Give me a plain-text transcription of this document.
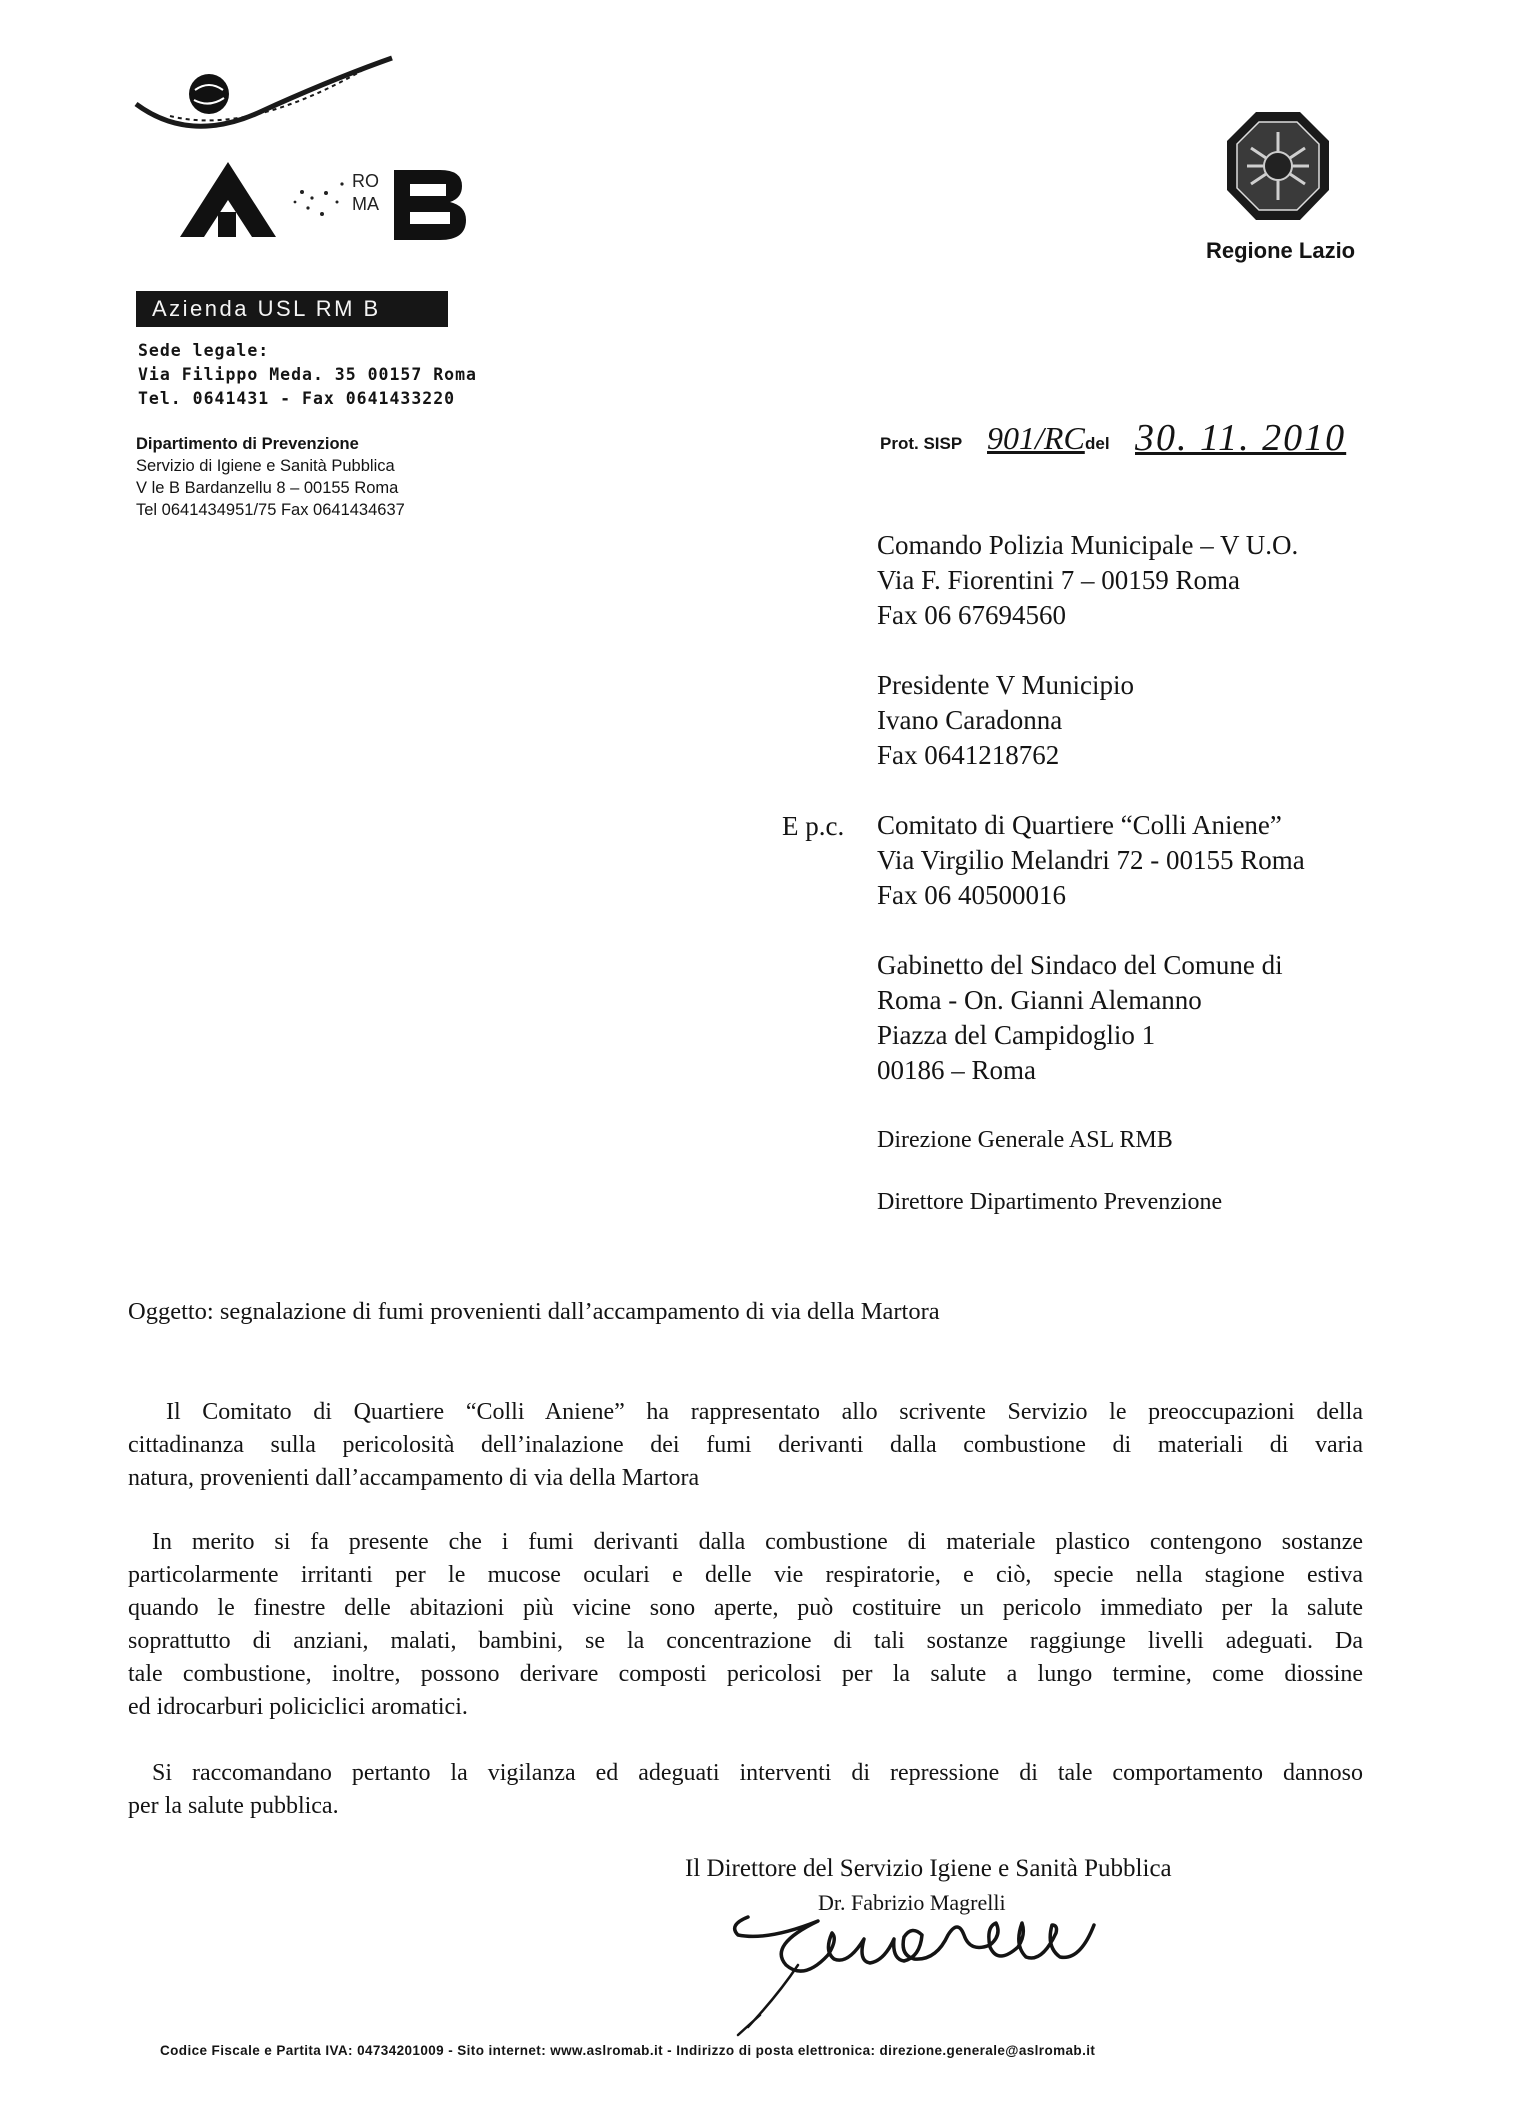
RO
MA
Azienda USL RM B
Sede legale:
Via Filippo Meda. 35 00157 Roma
Tel. 0641431 - Fax 0641433220
Dipartimento di Prevenzione
Servizio di Igiene e Sanità Pubblica
V le B Bardanzellu 8 – 00155 Roma
Tel 0641434951/75 Fax 0641434637
Regione Lazio
Prot. SISP 901/RC del 30. 11. 2010
E p.c.
Comando Polizia Municipale – V U.O.
Via F. Fiorentini 7 – 00159 Roma
Fax 06 67694560
Presidente V Municipio
Ivano Caradonna
Fax 0641218762
Comitato di Quartiere “Colli Aniene”
Via Virgilio Melandri 72 - 00155 Roma
Fax 06 40500016
Gabinetto del Sindaco del Comune di
Roma - On. Gianni Alemanno
Piazza del Campidoglio 1
00186 – Roma
Direzione Generale ASL RMB
Direttore Dipartimento Prevenzione
Oggetto: segnalazione di fumi provenienti dall’accampamento di via della Martora
Il Comitato di Quartiere “Colli Aniene” ha rappresentato allo scrivente Servizio le preoccupazioni della
cittadinanza sulla pericolosità dell’inalazione dei fumi derivanti dalla combustione di materiali di varia
natura, provenienti dall’accampamento di via della Martora
In merito si fa presente che i fumi derivanti dalla combustione di materiale plastico contengono sostanze
particolarmente irritanti per le mucose oculari e delle vie respiratorie, e ciò, specie nella stagione estiva
quando le finestre delle abitazioni più vicine sono aperte, può costituire un pericolo immediato per la salute
soprattutto di anziani, malati, bambini, se la concentrazione di tali sostanze raggiunge livelli adeguati. Da
tale combustione, inoltre, possono derivare composti pericolosi per la salute a lungo termine, come diossine
ed idrocarburi policiclici aromatici.
Si raccomandano pertanto la vigilanza ed adeguati interventi di repressione di tale comportamento dannoso
per la salute pubblica.
Il Direttore del Servizio Igiene e Sanità Pubblica
Dr. Fabrizio Magrelli
Codice Fiscale e Partita IVA: 04734201009 - Sito internet: www.aslromab.it - Indirizzo di posta elettronica: direzione.generale@aslromab.it
